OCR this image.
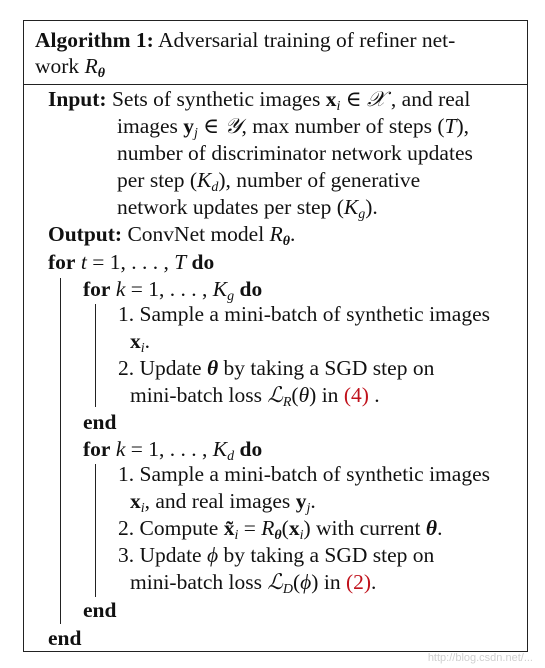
Algorithm 1: Adversarial training of refiner net-
work $R_\theta$
Input: Sets of synthetic images $x_i$ ∈ 𝒳 , and real
images $y_j$ ∈ 𝒴, max number of steps (T),
number of discriminator network updates
per step $(K_d)$, number of generative
network updates per step $(K_g)$.
Output: ConvNet model $R_\theta$.
for t = 1, . . . , T do
for k = 1, . . . , $K_g$ do
1. Sample a mini-batch of synthetic images
$x_i$.
2. Update θ by taking a SGD step on
mini-batch loss ℒ$_R$(θ) in (4) .
end
for k = 1, . . . , $K_d$ do
1. Sample a mini-batch of synthetic images
$x_i$, and real images $y_j$.
2. Compute $x̃_i = R_\theta(x_i)$ with current θ.
3. Update ϕ by taking a SGD step on
mini-batch loss ℒ$_D$(ϕ) in (2).
end
end
http://blog.csdn.net/...
